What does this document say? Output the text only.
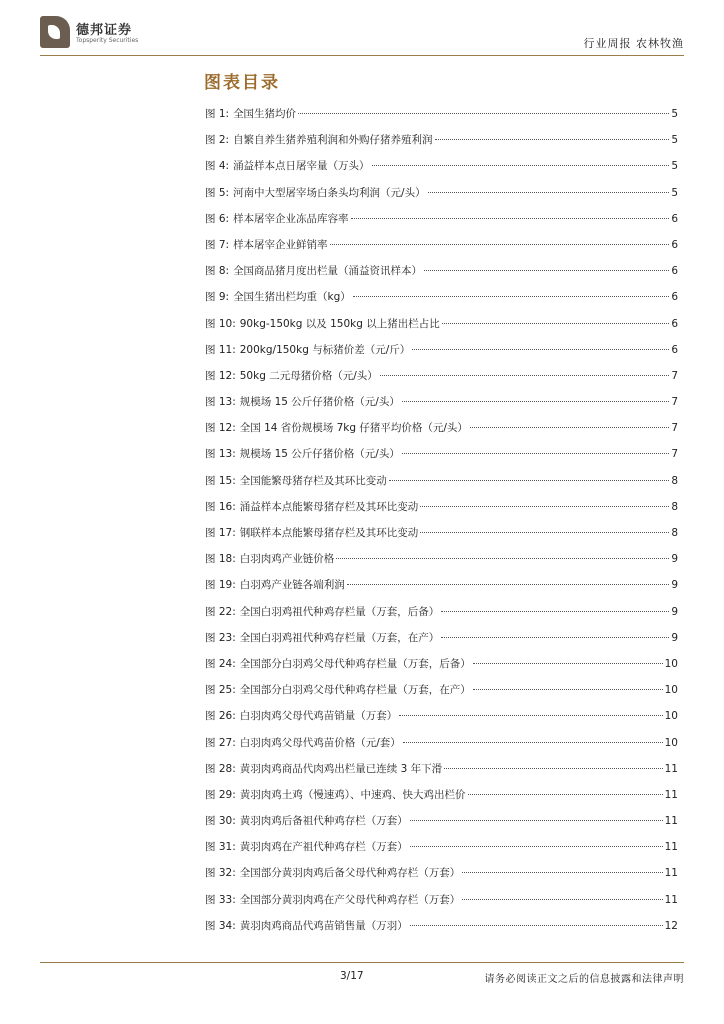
德邦证券
Topsperity Securities	行业周报 农林牧渔
图表目录
图 1: 全国生猪均价	5
图 2: 自繁自养生猪养殖利润和外购仔猪养殖利润	5
图 4: 涌益样本点日屠宰量（万头）	5
图 5: 河南中大型屠宰场白条头均利润（元/头）	5
图 6: 样本屠宰企业冻品库容率	6
图 7: 样本屠宰企业鲜销率	6
图 8: 全国商品猪月度出栏量（涌益资讯样本）	6
图 9: 全国生猪出栏均重（kg）	6
图 10: 90kg-150kg 以及 150kg 以上猪出栏占比	6
图 11: 200kg/150kg 与标猪价差（元/斤）	6
图 12: 50kg 二元母猪价格（元/头）	7
图 13: 规模场 15 公斤仔猪价格（元/头）	7
图 12: 全国 14 省份规模场 7kg 仔猪平均价格（元/头）	7
图 13: 规模场 15 公斤仔猪价格（元/头）	7
图 15: 全国能繁母猪存栏及其环比变动	8
图 16: 涌益样本点能繁母猪存栏及其环比变动	8
图 17: 钢联样本点能繁母猪存栏及其环比变动	8
图 18: 白羽肉鸡产业链价格	9
图 19: 白羽鸡产业链各端利润	9
图 22: 全国白羽鸡祖代种鸡存栏量（万套，后备）	9
图 23: 全国白羽鸡祖代种鸡存栏量（万套，在产）	9
图 24: 全国部分白羽鸡父母代种鸡存栏量（万套，后备）	10
图 25: 全国部分白羽鸡父母代种鸡存栏量（万套，在产）	10
图 26: 白羽肉鸡父母代鸡苗销量（万套）	10
图 27: 白羽肉鸡父母代鸡苗价格（元/套）	10
图 28: 黄羽肉鸡商品代肉鸡出栏量已连续 3 年下滑	11
图 29: 黄羽肉鸡土鸡（慢速鸡）、中速鸡、快大鸡出栏价	11
图 30: 黄羽肉鸡后备祖代种鸡存栏（万套）	11
图 31: 黄羽肉鸡在产祖代种鸡存栏（万套）	11
图 32: 全国部分黄羽肉鸡后备父母代种鸡存栏（万套）	11
图 33: 全国部分黄羽肉鸡在产父母代种鸡存栏（万套）	11
图 34: 黄羽肉鸡商品代鸡苗销售量（万羽）	12
3/17	请务必阅读正文之后的信息披露和法律声明
